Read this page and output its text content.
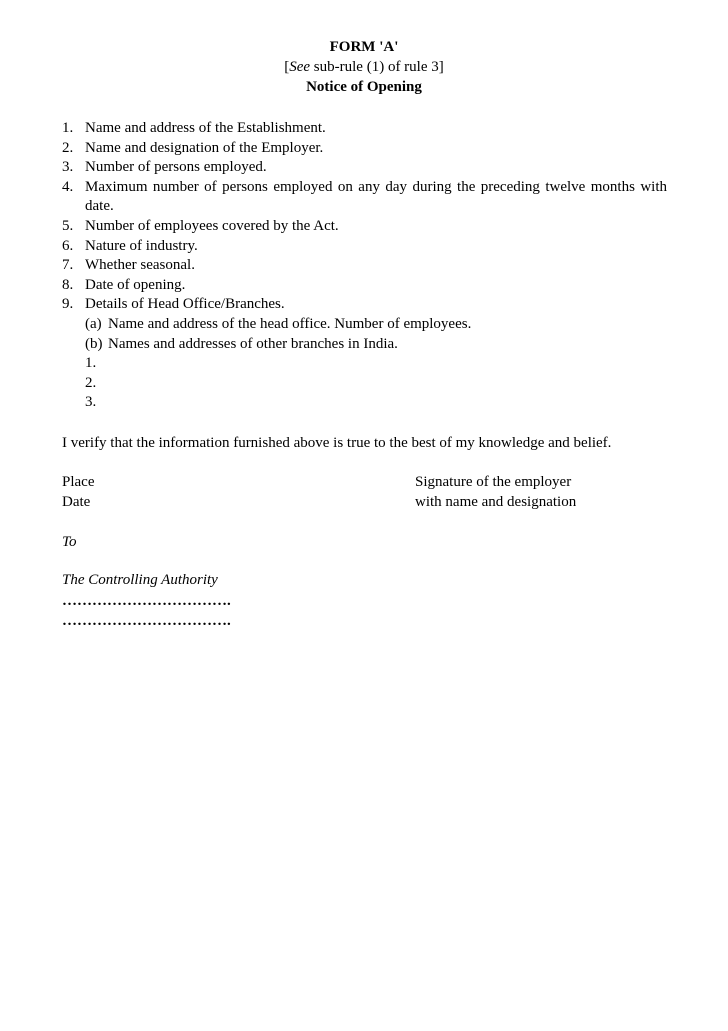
FORM 'A'
[See sub-rule (1) of rule 3]
Notice of Opening
1. Name and address of the Establishment.
2. Name and designation of the Employer.
3. Number of persons employed.
4. Maximum number of persons employed on any day during the preceding twelve months with date.
5. Number of employees covered by the Act.
6. Nature of industry.
7. Whether seasonal.
8. Date of opening.
9. Details of Head Office/Branches.
(a) Name and address of the head office. Number of employees.
(b) Names and addresses of other branches in India.
1.
2.
3.
I verify that the information furnished above is true to the best of my knowledge and belief.
Place	Signature of the employer
Date	with name and designation
To
The Controlling Authority
…………………………….
…………………………….
